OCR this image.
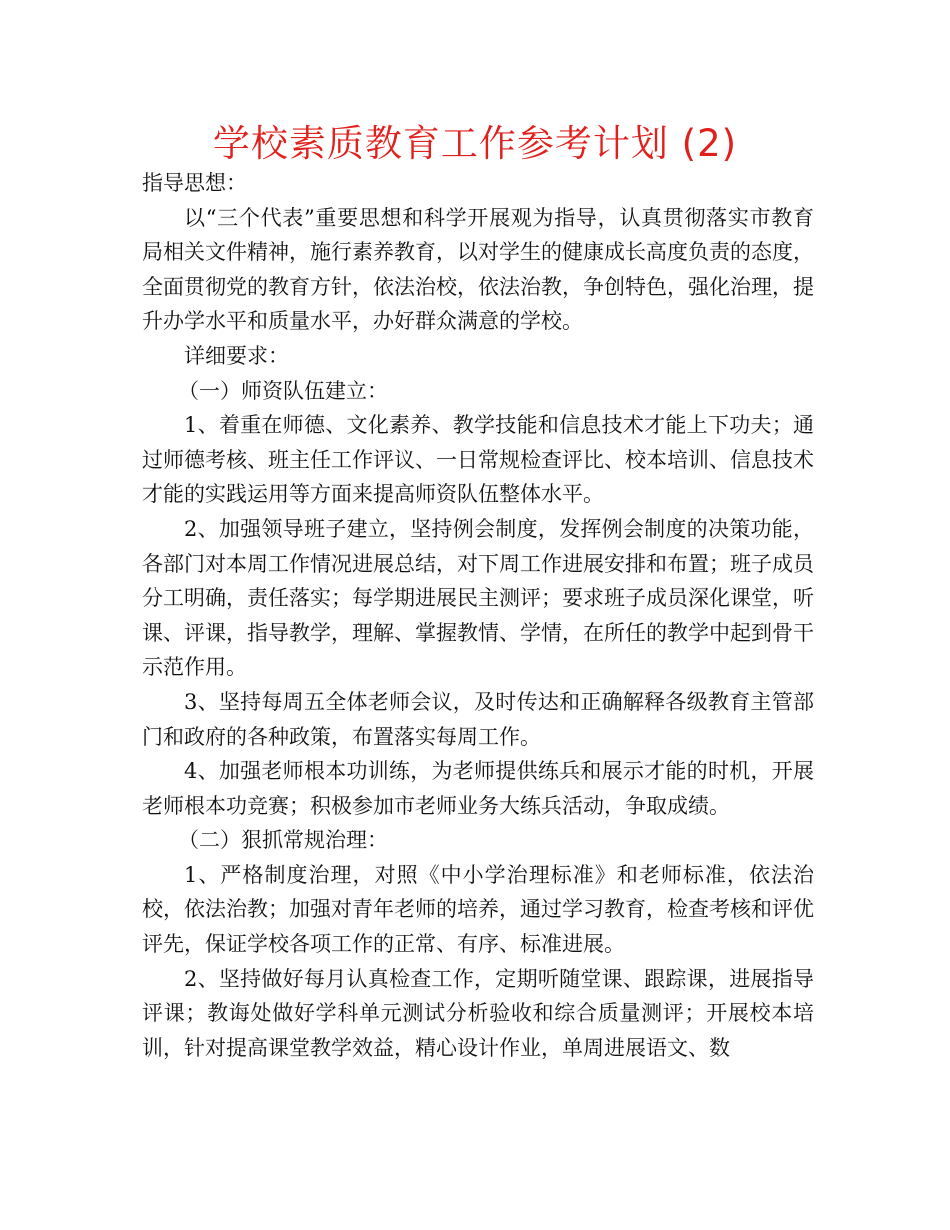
学校素质教育工作参考计划 (2)

指导思想：

以“三个代表”重要思想和科学开展观为指导，认真贯彻落实市教育局相关文件精神，施行素养教育，以对学生的健康成长高度负责的态度，全面贯彻党的教育方针，依法治校，依法治教，争创特色，强化治理，提升办学水平和质量水平，办好群众满意的学校。

详细要求：

（一）师资队伍建立：

1、着重在师德、文化素养、教学技能和信息技术才能上下功夫；通过师德考核、班主任工作评议、一日常规检查评比、校本培训、信息技术才能的实践运用等方面来提高师资队伍整体水平。

2、加强领导班子建立，坚持例会制度，发挥例会制度的决策功能，各部门对本周工作情况进展总结，对下周工作进展安排和布置；班子成员分工明确，责任落实；每学期进展民主测评；要求班子成员深化课堂，听课、评课，指导教学，理解、掌握教情、学情，在所任的教学中起到骨干示范作用。

3、坚持每周五全体老师会议，及时传达和正确解释各级教育主管部门和政府的各种政策，布置落实每周工作。

4、加强老师根本功训练，为老师提供练兵和展示才能的时机，开展老师根本功竞赛；积极参加市老师业务大练兵活动，争取成绩。

（二）狠抓常规治理：

1、严格制度治理，对照《中小学治理标准》和老师标准，依法治校，依法治教；加强对青年老师的培养，通过学习教育，检查考核和评优评先，保证学校各项工作的正常、有序、标准进展。

2、坚持做好每月认真检查工作，定期听随堂课、跟踪课，进展指导评课；教诲处做好学科单元测试分析验收和综合质量测评；开展校本培训，针对提高课堂教学效益，精心设计作业，单周进展语文、数
